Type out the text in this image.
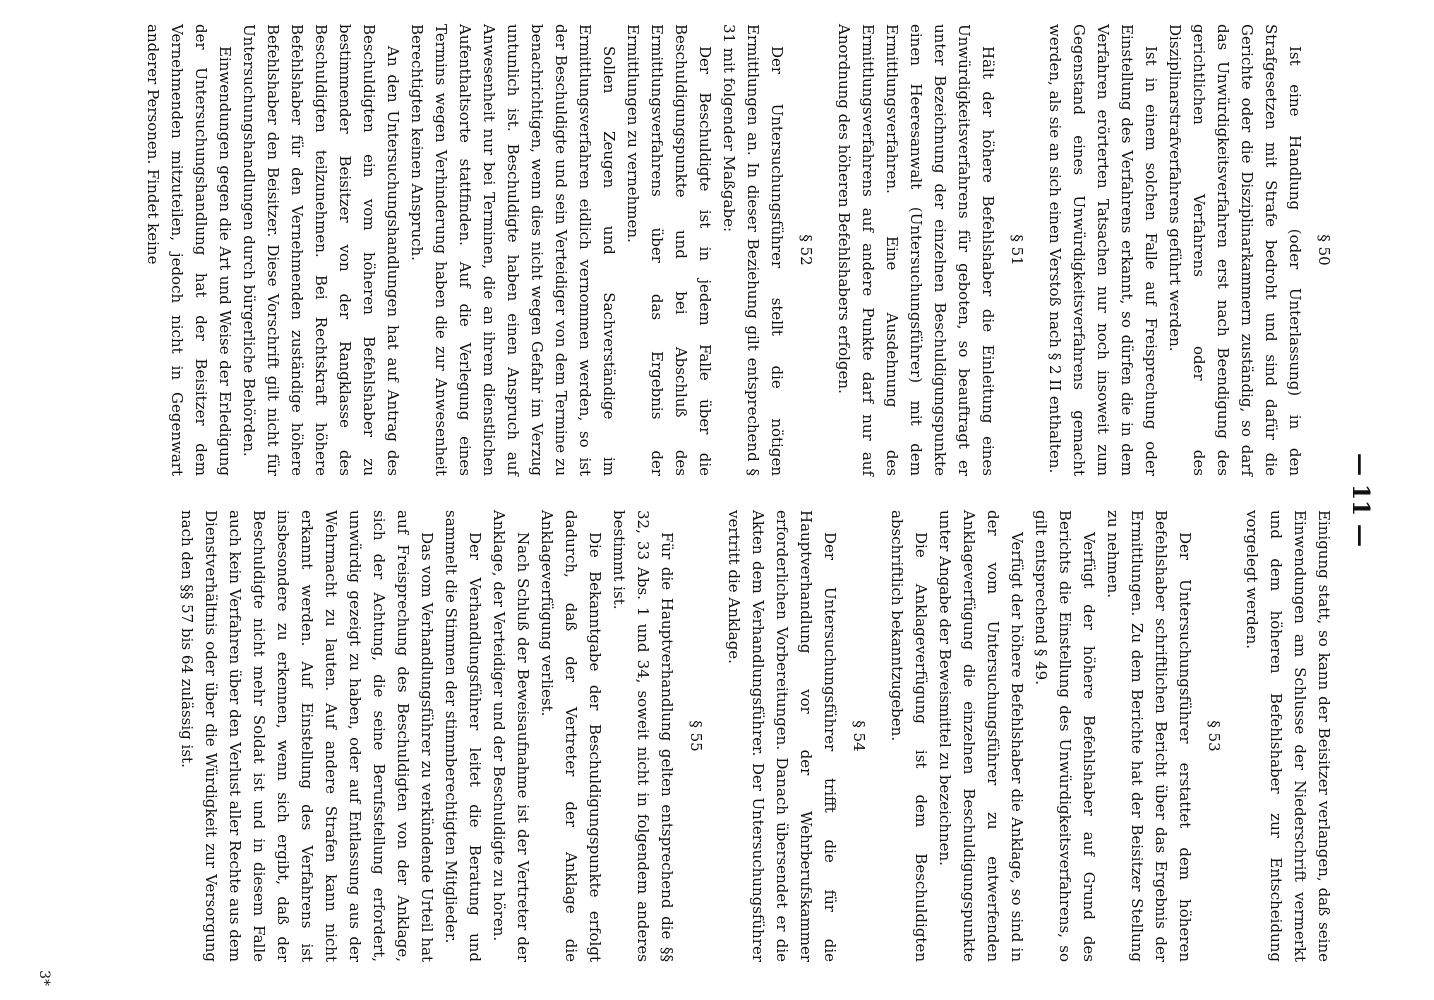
— 11 —
§ 50

Ist eine Handlung (oder Unterlassung) in den Strafgesetzen mit Strafe bedroht und sind dafür die Gerichte oder die Disziplinarkammern zuständig, so darf das Unwürdigkeitsverfahren erst nach Beendigung des gerichtlichen Verfahrens oder des Disziplinarstrafverfahrens geführt werden.

Ist in einem solchen Falle auf Freisprechung oder Einstellung des Verfahrens erkannt, so dürfen die in dem Verfahren erörterten Tatsachen nur noch insoweit zum Gegenstand eines Unwürdigkeitsverfahrens gemacht werden, als sie an sich einen Verstoß nach § 2 II enthalten.

§ 51

Hält der höhere Befehlshaber die Einleitung eines Unwürdigkeitsverfahrens für geboten, so beauftragt er unter Bezeichnung der einzelnen Beschuldigungspunkte einen Heeresanwalt (Untersuchungsführer) mit dem Ermittlungsverfahren. Eine Ausdehnung des Ermittlungsverfahrens auf andere Punkte darf nur auf Anordnung des höheren Befehlshabers erfolgen.

§ 52

Der Untersuchungsführer stellt die nötigen Ermittlungen an. In dieser Beziehung gilt entsprechend § 31 mit folgender Maßgabe:

Der Beschuldigte ist in jedem Falle über die Beschuldigungspunkte und bei Abschluß des Ermittlungsverfahrens über das Ergebnis der Ermittlungen zu vernehmen.

Sollen Zeugen und Sachverständige im Ermittlungsverfahren eidlich vernommen werden, so ist der Beschuldigte und sein Verteidiger von dem Termine zu benachrichtigen, wenn dies nicht wegen Gefahr im Verzug untunlich ist. Beschuldigte haben einen Anspruch auf Anwesenheit nur bei Terminen, die an ihrem dienstlichen Aufenthaltsorte stattfinden. Auf die Verlegung eines Termins wegen Verhinderung haben die zur Anwesenheit Berechtigten keinen Anspruch.

An den Untersuchungshandlungen hat auf Antrag des Beschuldigten ein vom höheren Befehlshaber zu bestimmender Beisitzer von der Rangklasse des Beschuldigten teilzunehmen. Bei Rechtskraft höhere Befehlshaber für den Vernehmenden zuständige höhere Befehlshaber den Beisitzer. Diese Vorschrift gilt nicht für Untersuchungshandlungen durch bürgerliche Behörden.

Einwendungen gegen die Art und Weise der Erledigung der Untersuchungshandlung hat der Beisitzer dem Vernehmenden mitzuteilen, jedoch nicht in Gegenwart anderer Personen. Findet keine

Einigung statt, so kann der Beisitzer verlangen, daß seine Einwendungen am Schlusse der Niederschrift vermerkt und dem höheren Befehlshaber zur Entscheidung vorgelegt werden.

§ 53

Der Untersuchungsführer erstattet dem höheren Befehlshaber schriftlichen Bericht über das Ergebnis der Ermittlungen. Zu dem Berichte hat der Beisitzer Stellung zu nehmen.

Verfügt der höhere Befehlshaber auf Grund des Berichts die Einstellung des Unwürdigkeitsverfahrens, so gilt entsprechend § 49.

Verfügt der höhere Befehlshaber die Anklage, so sind in der vom Untersuchungsführer zu entwerfenden Anklageverfügung die einzelnen Beschuldigungspunkte unter Angabe der Beweismittel zu bezeichnen.

Die Anklageverfügung ist dem Beschuldigten abschriftlich bekanntzugeben.

§ 54

Der Untersuchungsführer trifft die für die Hauptverhandlung vor der Wehrberufskammer erforderlichen Vorbereitungen. Danach übersendet er die Akten dem Verhandlungsführer. Der Untersuchungsführer vertritt die Anklage.

§ 55

Für die Hauptverhandlung gelten entsprechend die §§ 32, 33 Abs. 1 und 34, soweit nicht in folgendem anderes bestimmt ist.

Die Bekanntgabe der Beschuldigungspunkte erfolgt dadurch, daß der Vertreter der Anklage die Anklageverfügung verliest.

Nach Schluß der Beweisaufnahme ist der Vertreter der Anklage, der Verteidiger und der Beschuldigte zu hören.

Der Verhandlungsführer leitet die Beratung und sammelt die Stimmen der stimmberechtigten Mitglieder.

Das vom Verhandlungsführer zu verkündende Urteil hat auf Freisprechung des Beschuldigten von der Anklage, sich der Achtung, die seine Berufsstellung erfordert, unwürdig gezeigt zu haben, oder auf Entlassung aus der Wehrmacht zu lauten. Auf andere Strafen kann nicht erkannt werden. Auf Einstellung des Verfahrens ist insbesondere zu erkennen, wenn sich ergibt, daß der Beschuldigte nicht mehr Soldat ist und in diesem Falle auch kein Verfahren über den Verlust aller Rechte aus dem Dienstverhältnis oder über die Würdigkeit zur Versorgung nach den §§ 57 bis 64 zulässig ist.

3*
